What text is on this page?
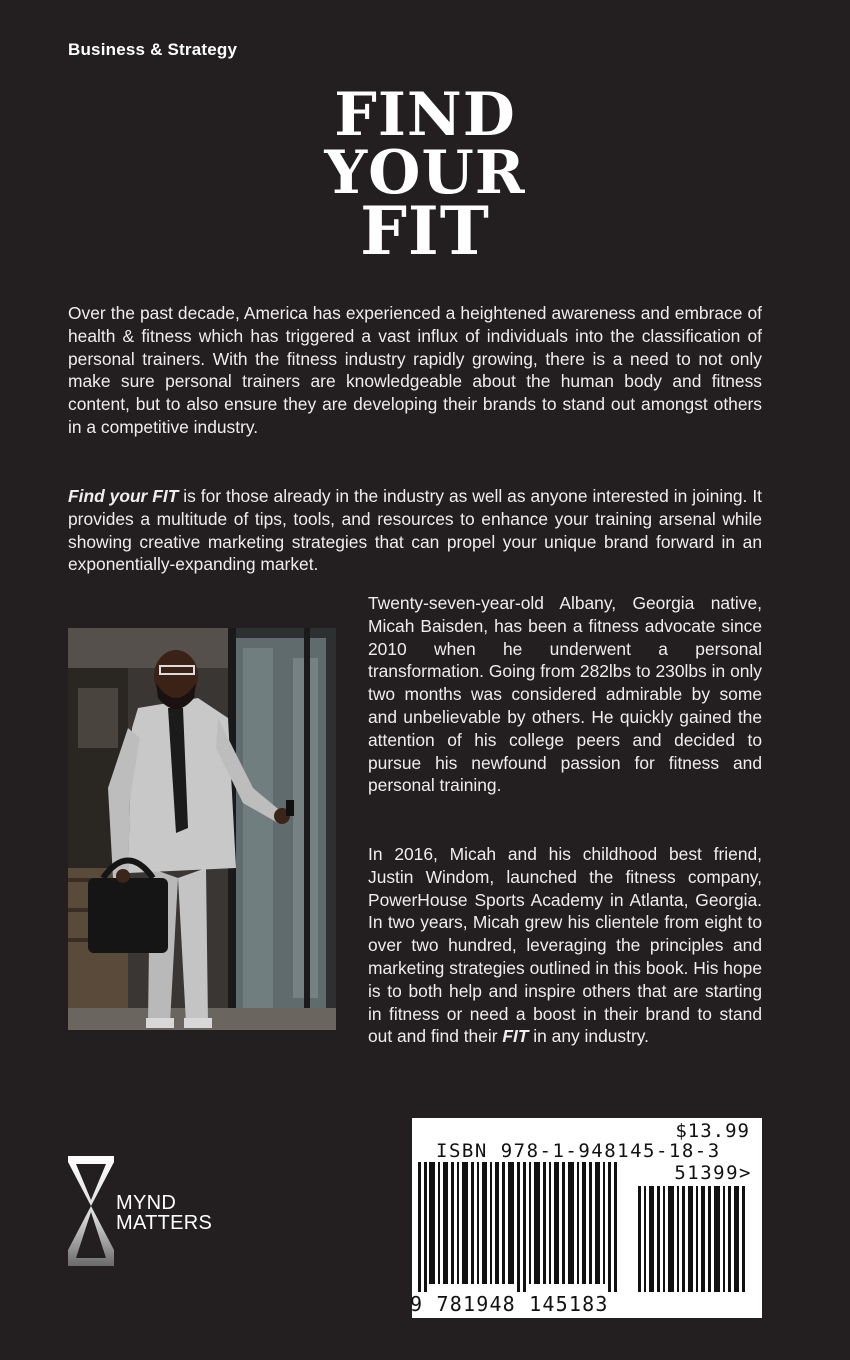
Business & Strategy
FIND
YOUR
FIT
Over the past decade, America has experienced a heightened awareness and embrace of health & fitness which has triggered a vast influx of individuals into the classification of personal trainers. With the fitness industry rapidly growing, there is a need to not only make sure personal trainers are knowledgeable about the human body and fitness content, but to also ensure they are developing their brands to stand out amongst others in a competitive industry.
Find your FIT is for those already in the industry as well as anyone interested in joining. It provides a multitude of tips, tools, and resources to enhance your training arsenal while showing creative marketing strategies that can propel your unique brand forward in an exponentially-expanding market.
Twenty-seven-year-old Albany, Georgia native, Micah Baisden, has been a fitness advocate since 2010 when he underwent a personal transformation. Going from 282lbs to 230lbs in only two months was considered admirable by some and unbelievable by others. He quickly gained the attention of his college peers and decided to pursue his newfound passion for fitness and personal training.
In 2016, Micah and his childhood best friend, Justin Windom, launched the fitness company, PowerHouse Sports Academy in Atlanta, Georgia. In two years, Micah grew his clientele from eight to over two hundred, leveraging the principles and marketing strategies outlined in this book. His hope is to both help and inspire others that are starting in fitness or need a boost in their brand to stand out and find their FIT in any industry.
MYND
MATTERS
$13.99
ISBN 978-1-948145-18-3
51399>
9 781948 145183
